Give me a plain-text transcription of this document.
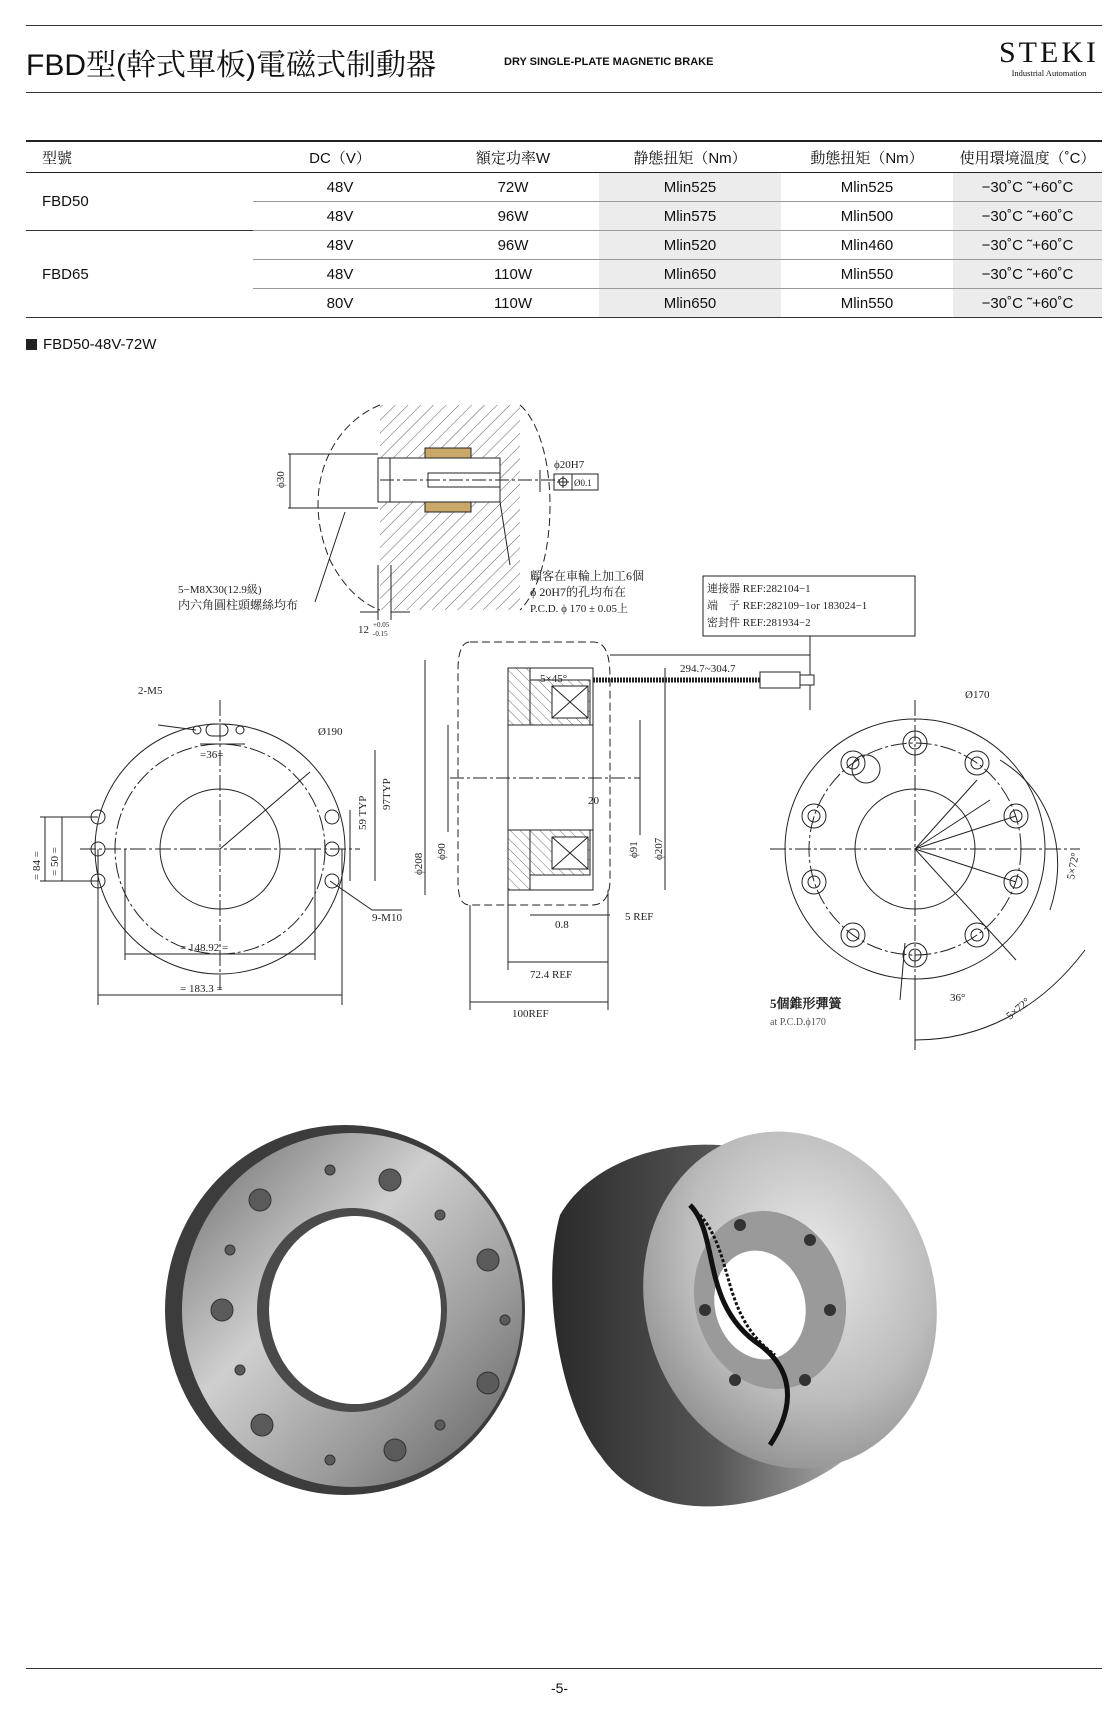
FBD型(幹式單板)電磁式制動器	DRY SINGLE-PLATE MAGNETIC BRAKE	STEKI
Industrial Automation
型號	DC（V）	額定功率W	静態扭矩（Nm）	動態扭矩（Nm）	使用環境溫度（˚C）
FBD50	48V	72W	Mlin525	Mlin525	−30˚C ˜+60˚C
	48V	96W	Mlin575	Mlin500	−30˚C ˜+60˚C
FBD65	48V	96W	Mlin520	Mlin460	−30˚C ˜+60˚C
	48V	110W	Mlin650	Mlin550	−30˚C ˜+60˚C
	80V	110W	Mlin650	Mlin550	−30˚C ˜+60˚C
FBD50-48V-72W
ϕ30
ϕ20H7
Ø0.1
5−M8X30(12.9級)
内六角圓柱頭螺絲均布
12 +0.05
-0.15
顧客在車輪上加工6個
ϕ 20H7的孔均布在
P.C.D. ϕ 170 ± 0.05上
連接器 REF:282104−1
端　子 REF:282109−1or 183024−1
密封件 REF:281934−2
2-M5
=36=
Ø190
59 TYP
97TYP
= 84 = = 50 =
9-M10
= 148.92 =
= 183.3 =
5×45°
294.7~304.7
20
ϕ208
ϕ90	ϕ91 ϕ207
0.8
5 REF
72.4 REF
100REF
Ø170
5×72°
5×72°
36°
5個錐形彈簧
at P.C.D.ϕ170
-5-
